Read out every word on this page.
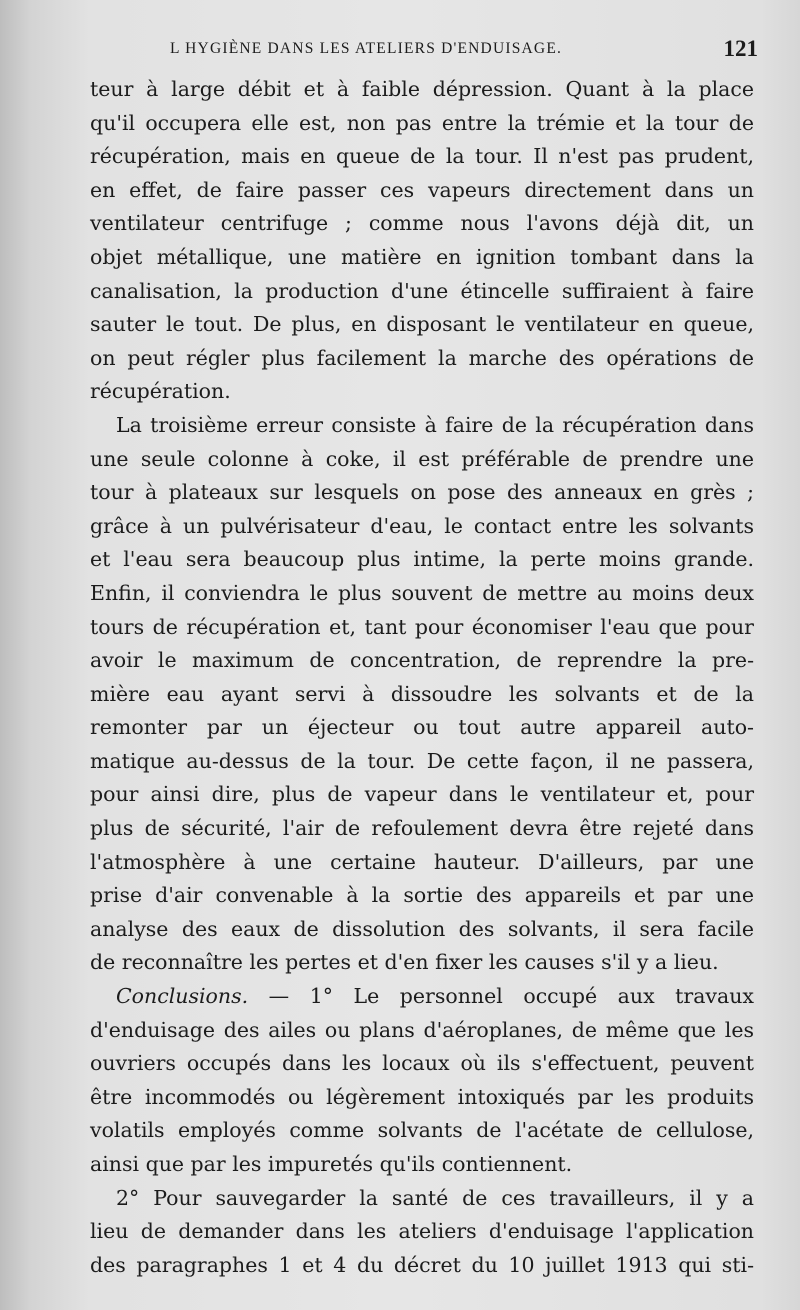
L HYGIÈNE DANS LES ATELIERS D'ENDUISAGE.	121
teur à large débit et à faible dépression. Quant à la place
qu'il occupera elle est, non pas entre la trémie et la tour de
récupération, mais en queue de la tour. Il n'est pas prudent,
en effet, de faire passer ces vapeurs directement dans un
ventilateur centrifuge ; comme nous l'avons déjà dit, un
objet métallique, une matière en ignition tombant dans la
canalisation, la production d'une étincelle suffiraient à faire
sauter le tout. De plus, en disposant le ventilateur en queue,
on peut régler plus facilement la marche des opérations de
récupération.
La troisième erreur consiste à faire de la récupération dans
une seule colonne à coke, il est préférable de prendre une
tour à plateaux sur lesquels on pose des anneaux en grès ;
grâce à un pulvérisateur d'eau, le contact entre les solvants
et l'eau sera beaucoup plus intime, la perte moins grande.
Enfin, il conviendra le plus souvent de mettre au moins deux
tours de récupération et, tant pour économiser l'eau que pour
avoir le maximum de concentration, de reprendre la pre-
mière eau ayant servi à dissoudre les solvants et de la
remonter par un éjecteur ou tout autre appareil auto-
matique au-dessus de la tour. De cette façon, il ne passera,
pour ainsi dire, plus de vapeur dans le ventilateur et, pour
plus de sécurité, l'air de refoulement devra être rejeté dans
l'atmosphère à une certaine hauteur. D'ailleurs, par une
prise d'air convenable à la sortie des appareils et par une
analyse des eaux de dissolution des solvants, il sera facile
de reconnaître les pertes et d'en fixer les causes s'il y a lieu.
Conclusions. — 1° Le personnel occupé aux travaux
d'enduisage des ailes ou plans d'aéroplanes, de même que les
ouvriers occupés dans les locaux où ils s'effectuent, peuvent
être incommodés ou légèrement intoxiqués par les produits
volatils employés comme solvants de l'acétate de cellulose,
ainsi que par les impuretés qu'ils contiennent.
2° Pour sauvegarder la santé de ces travailleurs, il y a
lieu de demander dans les ateliers d'enduisage l'application
des paragraphes 1 et 4 du décret du 10 juillet 1913 qui sti-
